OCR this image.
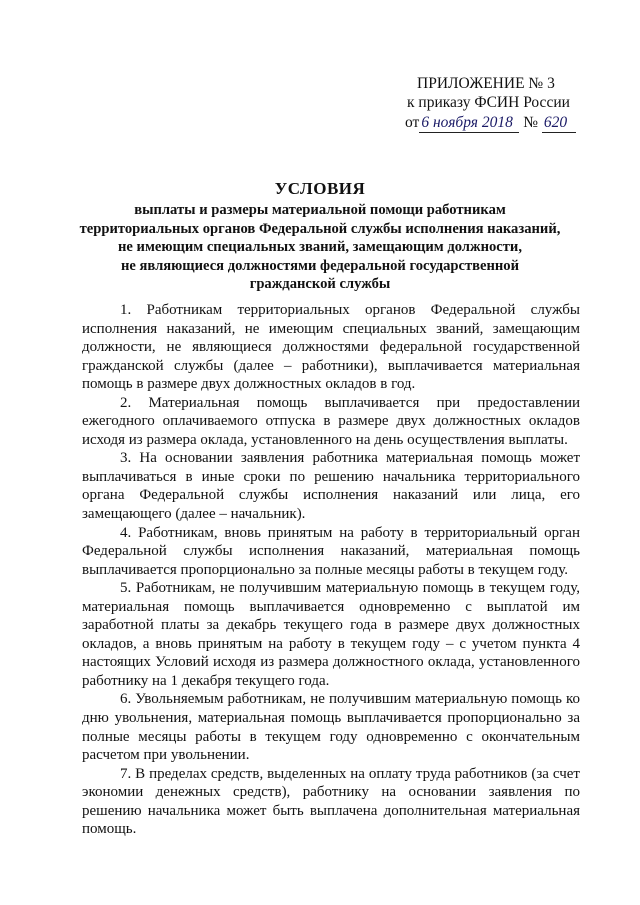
ПРИЛОЖЕНИЕ № 3
к приказу ФСИН России
от 6 ноября 2018 № 620
УСЛОВИЯ
выплаты и размеры материальной помощи работникам
территориальных органов Федеральной службы исполнения наказаний,
не имеющим специальных званий, замещающим должности,
не являющиеся должностями федеральной государственной
гражданской службы

1. Работникам территориальных органов Федеральной службы исполнения наказаний, не имеющим специальных званий, замещающим должности, не являющиеся должностями федеральной государственной гражданской службы (далее – работники), выплачивается материальная помощь в размере двух должностных окладов в год.

2. Материальная помощь выплачивается при предоставлении ежегодного оплачиваемого отпуска в размере двух должностных окладов исходя из размера оклада, установленного на день осуществления выплаты.

3. На основании заявления работника материальная помощь может выплачиваться в иные сроки по решению начальника территориального органа Федеральной службы исполнения наказаний или лица, его замещающего (далее – начальник).

4. Работникам, вновь принятым на работу в территориальный орган Федеральной службы исполнения наказаний, материальная помощь выплачивается пропорционально за полные месяцы работы в текущем году.

5. Работникам, не получившим материальную помощь в текущем году, материальная помощь выплачивается одновременно с выплатой им заработной платы за декабрь текущего года в размере двух должностных окладов, а вновь принятым на работу в текущем году – с учетом пункта 4 настоящих Условий исходя из размера должностного оклада, установленного работнику на 1 декабря текущего года.

6. Увольняемым работникам, не получившим материальную помощь ко дню увольнения, материальная помощь выплачивается пропорционально за полные месяцы работы в текущем году одновременно с окончательным расчетом при увольнении.

7. В пределах средств, выделенных на оплату труда работников (за счет экономии денежных средств), работнику на основании заявления по решению начальника может быть выплачена дополнительная материальная помощь.
